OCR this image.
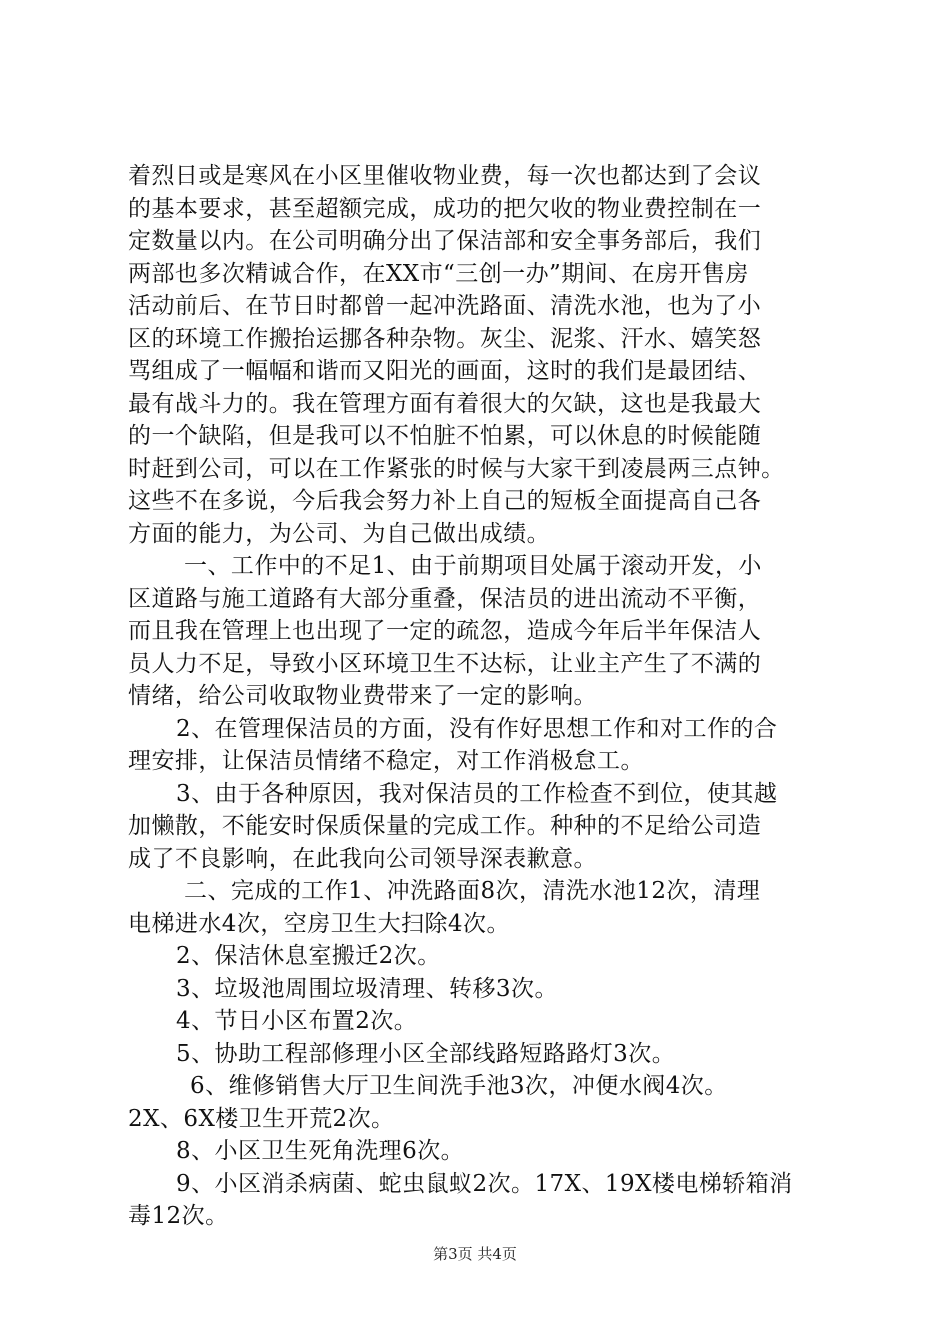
着烈日或是寒风在小区里催收物业费，每一次也都达到了会议
的基本要求，甚至超额完成，成功的把欠收的物业费控制在一
定数量以内。在公司明确分出了保洁部和安全事务部后，我们
两部也多次精诚合作，在XX市“三创一办”期间、在房开售房
活动前后、在节日时都曾一起冲洗路面、清洗水池，也为了小
区的环境工作搬抬运挪各种杂物。灰尘、泥浆、汗水、嬉笑怒
骂组成了一幅幅和谐而又阳光的画面，这时的我们是最团结、
最有战斗力的。我在管理方面有着很大的欠缺，这也是我最大
的一个缺陷，但是我可以不怕脏不怕累，可以休息的时候能随
时赶到公司，可以在工作紧张的时候与大家干到凌晨两三点钟。
这些不在多说，今后我会努力补上自己的短板全面提高自己各
方面的能力，为公司、为自己做出成绩。
一、工作中的不足1、由于前期项目处属于滚动开发，小
区道路与施工道路有大部分重叠，保洁员的进出流动不平衡，
而且我在管理上也出现了一定的疏忽，造成今年后半年保洁人
员人力不足，导致小区环境卫生不达标，让业主产生了不满的
情绪，给公司收取物业费带来了一定的影响。
2、在管理保洁员的方面，没有作好思想工作和对工作的合
理安排，让保洁员情绪不稳定，对工作消极怠工。
3、由于各种原因，我对保洁员的工作检查不到位，使其越
加懒散，不能安时保质保量的完成工作。种种的不足给公司造
成了不良影响，在此我向公司领导深表歉意。
二、完成的工作1、冲洗路面8次，清洗水池12次，清理
电梯进水4次，空房卫生大扫除4次。
2、保洁休息室搬迁2次。
3、垃圾池周围垃圾清理、转移3次。
4、节日小区布置2次。
5、协助工程部修理小区全部线路短路路灯3次。
6、维修销售大厅卫生间洗手池3次，冲便水阀4次。
2X、6X楼卫生开荒2次。
8、小区卫生死角洗理6次。
9、小区消杀病菌、蛇虫鼠蚁2次。17X、19X楼电梯轿箱消
毒12次。
第3页 共4页
